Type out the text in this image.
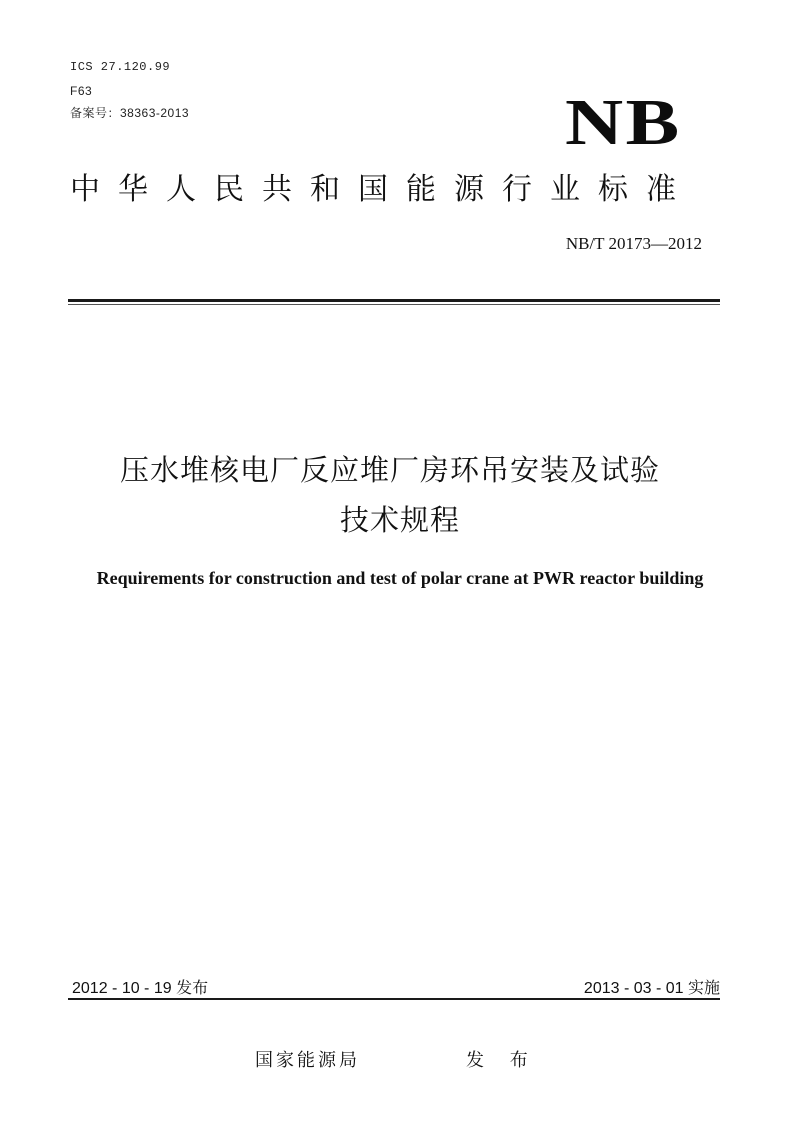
ICS 27.120.99
F63
备案号：38363-2013	NB
中华人民共和国能源行业标准
NB/T 20173—2012
压水堆核电厂反应堆厂房环吊安装及试验
技术规程
Requirements for construction and test of polar crane at PWR reactor building
2012 - 10 - 19 发布	2013 - 03 - 01 实施
国家能源局	发 布
